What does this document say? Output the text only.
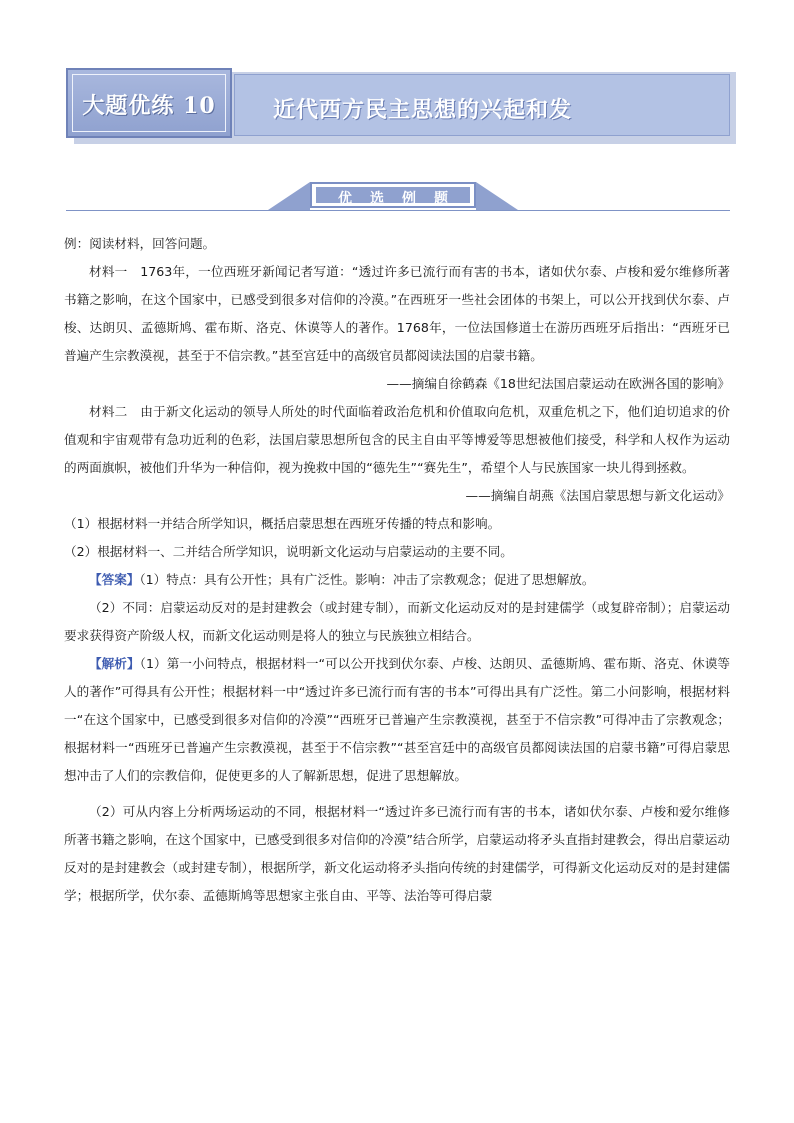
近代西方民主思想的兴起和发
大题优练 10
优选例题

例：阅读材料，回答问题。

材料一　1763年，一位西班牙新闻记者写道：“透过许多已流行而有害的书本，诸如伏尔泰、卢梭和爱尔维修所著书籍之影响，在这个国家中，已感受到很多对信仰的冷漠。”在西班牙一些社会团体的书架上，可以公开找到伏尔泰、卢梭、达朗贝、孟德斯鸠、霍布斯、洛克、休谟等人的著作。1768年，一位法国修道士在游历西班牙后指出：“西班牙已普遍产生宗教漠视，甚至于不信宗教。”甚至宫廷中的高级官员都阅读法国的启蒙书籍。

——摘编自徐鹤森《18世纪法国启蒙运动在欧洲各国的影响》

材料二　由于新文化运动的领导人所处的时代面临着政治危机和价值取向危机，双重危机之下，他们迫切追求的价值观和宇宙观带有急功近利的色彩，法国启蒙思想所包含的民主自由平等博爱等思想被他们接受，科学和人权作为运动的两面旗帜，被他们升华为一种信仰，视为挽救中国的“德先生”“赛先生”，希望个人与民族国家一块儿得到拯救。

——摘编自胡燕《法国启蒙思想与新文化运动》

（1）根据材料一并结合所学知识，概括启蒙思想在西班牙传播的特点和影响。

（2）根据材料一、二并结合所学知识，说明新文化运动与启蒙运动的主要不同。

【答案】（1）特点：具有公开性；具有广泛性。影响：冲击了宗教观念；促进了思想解放。

（2）不同：启蒙运动反对的是封建教会（或封建专制），而新文化运动反对的是封建儒学（或复辟帝制）；启蒙运动要求获得资产阶级人权，而新文化运动则是将人的独立与民族独立相结合。

【解析】（1）第一小问特点，根据材料一“可以公开找到伏尔泰、卢梭、达朗贝、孟德斯鸠、霍布斯、洛克、休谟等人的著作”可得具有公开性；根据材料一中“透过许多已流行而有害的书本”可得出具有广泛性。第二小问影响，根据材料一“在这个国家中，已感受到很多对信仰的冷漠”“西班牙已普遍产生宗教漠视，甚至于不信宗教”可得冲击了宗教观念；根据材料一“西班牙已普遍产生宗教漠视，甚至于不信宗教”“甚至宫廷中的高级官员都阅读法国的启蒙书籍”可得启蒙思想冲击了人们的宗教信仰，促使更多的人了解新思想，促进了思想解放。

（2）可从内容上分析两场运动的不同，根据材料一“透过许多已流行而有害的书本，诸如伏尔泰、卢梭和爱尔维修所著书籍之影响，在这个国家中，已感受到很多对信仰的冷漠”结合所学，启蒙运动将矛头直指封建教会，得出启蒙运动反对的是封建教会（或封建专制），根据所学，新文化运动将矛头指向传统的封建儒学，可得新文化运动反对的是封建儒学；根据所学，伏尔泰、孟德斯鸠等思想家主张自由、平等、法治等可得启蒙
